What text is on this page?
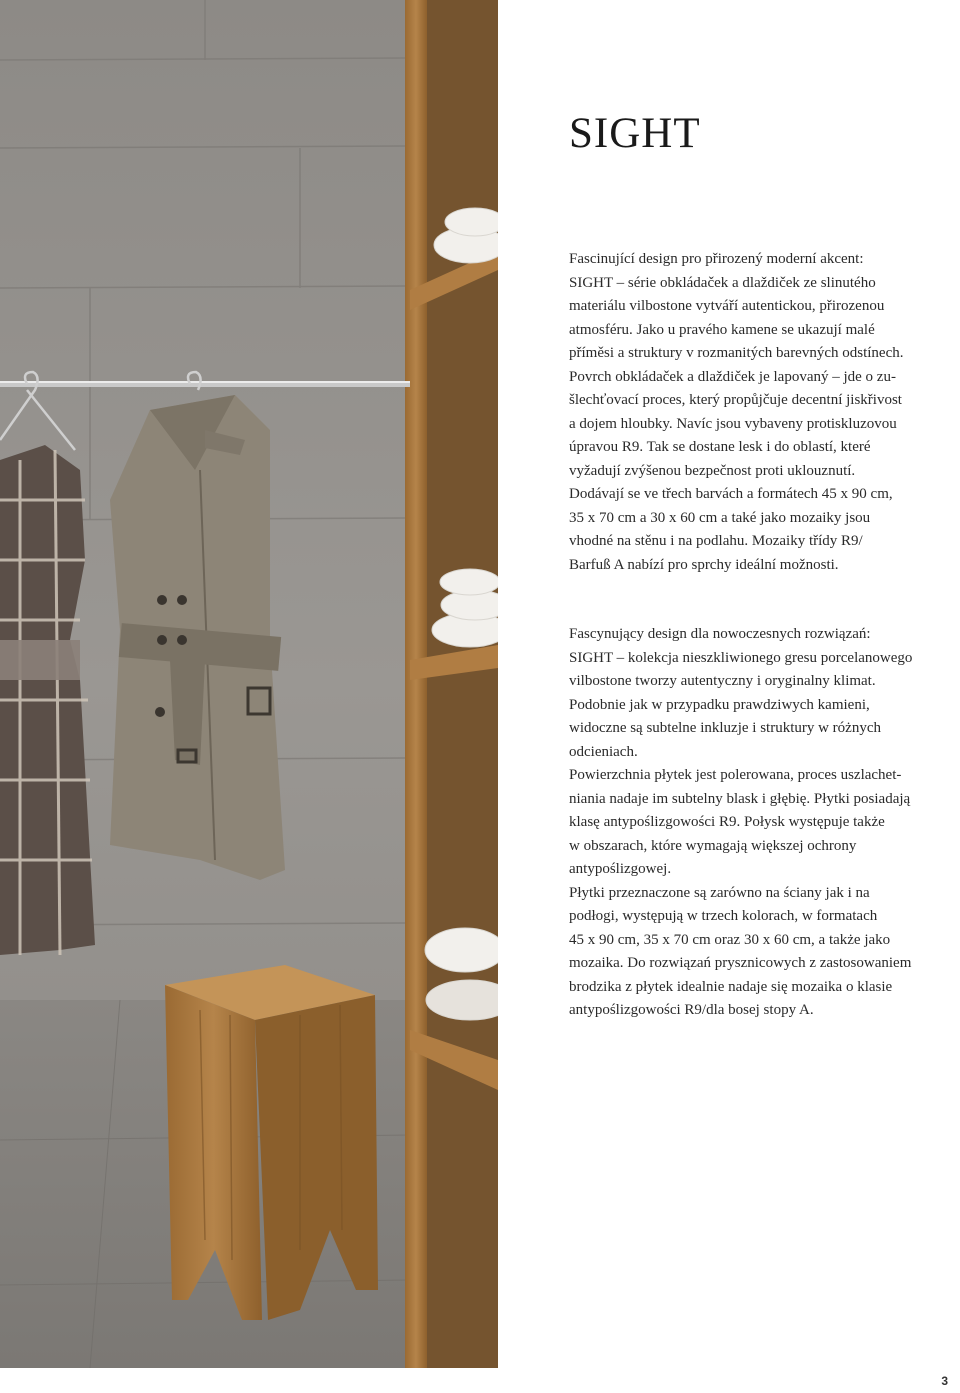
SIGHT
Fascinující design pro přirozený moderní akcent:
SIGHT – série obkládaček a dlaždiček ze slinutého
materiálu vilbostone vytváří autentickou, přirozenou
atmosféru. Jako u pravého kamene se ukazují malé
příměsi a struktury v rozmanitých barevných odstínech.
Povrch obkládaček a dlaždiček je lapovaný – jde o zu-
šlechťovací proces, který propůjčuje decentní jiskřivost
a dojem hloubky. Navíc jsou vybaveny protiskluzovou
úpravou R9. Tak se dostane lesk i do oblastí, které
vyžadují zvýšenou bezpečnost proti uklouznutí.
Dodávají se ve třech barvách a formátech 45 x 90 cm,
35 x 70 cm a 30 x 60 cm a také jako mozaiky jsou
vhodné na stěnu i na podlahu. Mozaiky třídy R9/
Barfuß A nabízí pro sprchy ideální možnosti.
Fascynujący design dla nowoczesnych rozwiązań:
SIGHT – kolekcja nieszkliwionego gresu porcelanowego
vilbostone tworzy autentyczny i oryginalny klimat.
Podobnie jak w przypadku prawdziwych kamieni,
widoczne są subtelne inkluzje i struktury w różnych
odcieniach.
Powierzchnia płytek jest polerowana, proces uszlachet-
niania nadaje im subtelny blask i głębię. Płytki posiadają
klasę antypoślizgowości R9. Połysk występuje także
w obszarach, które wymagają większej ochrony
antypoślizgowej.
Płytki przeznaczone są zarówno na ściany jak i na
podłogi, występują w trzech kolorach, w formatach
45 x 90 cm, 35 x 70 cm oraz 30 x 60 cm, a także jako
mozaika. Do rozwiązań prysznicowych z zastosowaniem
brodzika z płytek idealnie nadaje się mozaika o klasie
antypoślizgowości R9/dla bosej stopy A.
3
